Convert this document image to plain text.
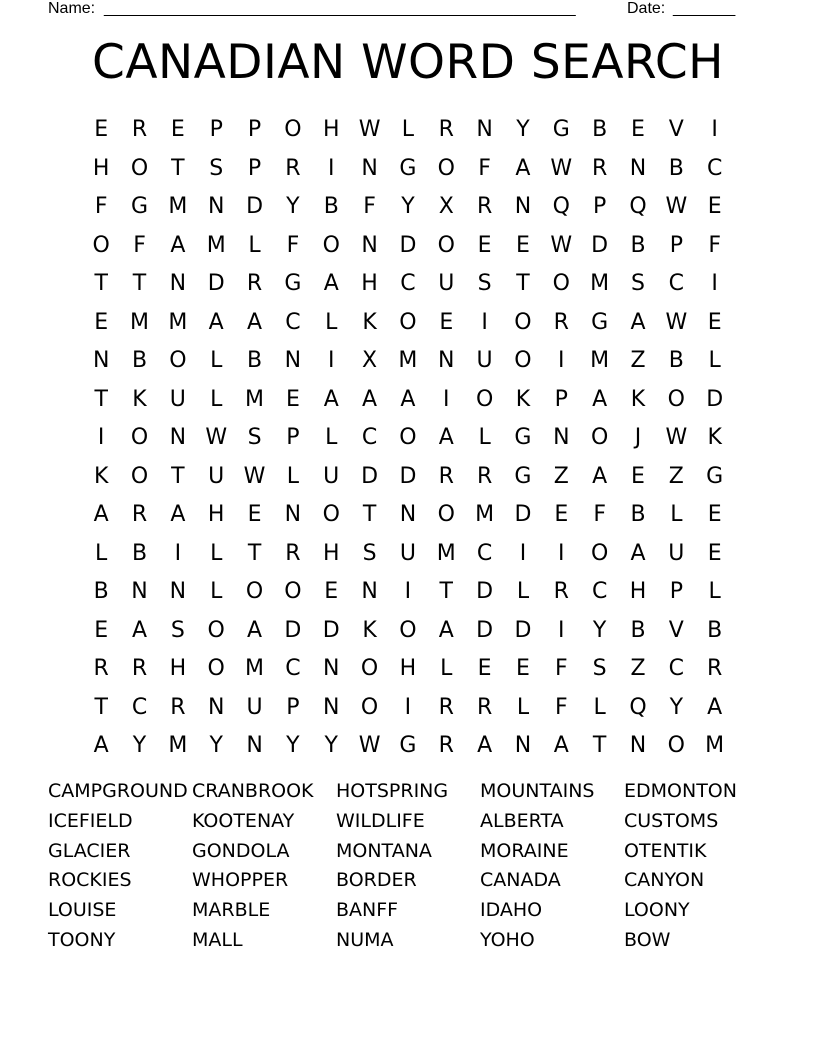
Name: _____________________________________________________	Date: _______
CANADIAN WORD SEARCH
E	R	E	P	P	O H W L	R	N	Y	G	B	E	V	I
H O	T	S	P	R	I	N G O	F	A W R	N	B	C
F	G M N D	Y	B	F	Y	X	R	N Q	P	Q W E
O	F	A M	L	F	O N D O	E	E W D	B	P	F
T	T	N D	R	G	A	H	C	U	S	T	O M S	C	I
E M M A	A	C	L	K	O	E	I	O	R	G	A W E
N	B	O	L	B	N	I	X M N	U O	I	M Z	B	L
T	K	U	L	M E	A	A	A	I	O	K	P	A	K	O D
I	O N W S	P	L	C O	A	L	G N O	J	W K
K	O	T	U W L	U D D	R	R	G	Z	A	E	Z	G
A	R	A	H	E	N O	T	N O M D	E	F	B	L	E
L	B	I	L	T	R	H	S	U M C	I	I	O	A	U	E
B	N N	L	O O	E	N	I	T	D	L	R	C	H	P	L
E	A	S	O	A	D D	K	O	A	D D	I	Y	B	V	B
R	R	H O M C	N O H	L	E	E	F	S	Z	C	R
T	C	R	N	U	P	N O	I	R	R	L	F	L	Q	Y	A
A	Y	M	Y	N	Y	Y W G	R	A	N	A	T	N O M
CAMPGROUND CRANBROOK	HOTSPRING	MOUNTAINS	EDMONTON
ICEFIELD	KOOTENAY	WILDLIFE	ALBERTA	CUSTOMS
GLACIER	GONDOLA	MONTANA	MORAINE	OTENTIK
ROCKIES	WHOPPER	BORDER	CANADA	CANYON
LOUISE	MARBLE	BANFF	IDAHO	LOONY
TOONY	MALL	NUMA	YOHO	BOW
